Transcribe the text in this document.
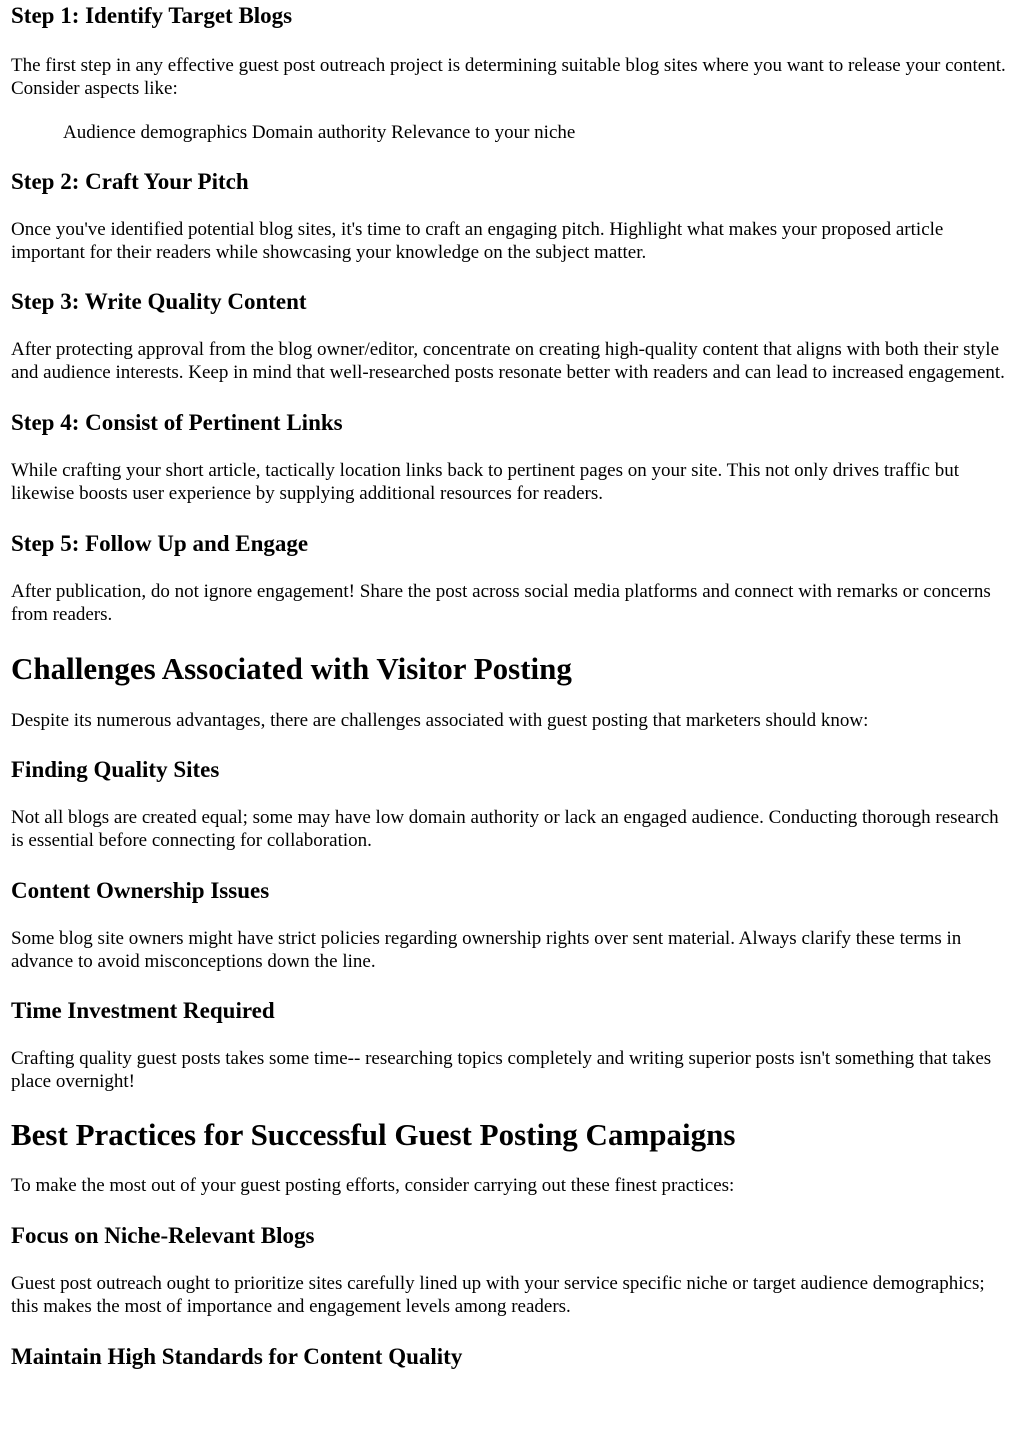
Step 1: Identify Target Blogs

The first step in any effective guest post outreach project is determining suitable blog sites where you want to release your content. Consider aspects like:

Audience demographics Domain authority Relevance to your niche

Step 2: Craft Your Pitch

Once you've identified potential blog sites, it's time to craft an engaging pitch. Highlight what makes your proposed article important for their readers while showcasing your knowledge on the subject matter.

Step 3: Write Quality Content

After protecting approval from the blog owner/editor, concentrate on creating high-quality content that aligns with both their style and audience interests. Keep in mind that well-researched posts resonate better with readers and can lead to increased engagement.

Step 4: Consist of Pertinent Links

While crafting your short article, tactically location links back to pertinent pages on your site. This not only drives traffic but likewise boosts user experience by supplying additional resources for readers.

Step 5: Follow Up and Engage

After publication, do not ignore engagement! Share the post across social media platforms and connect with remarks or concerns from readers.

Challenges Associated with Visitor Posting

Despite its numerous advantages, there are challenges associated with guest posting that marketers should know:

Finding Quality Sites

Not all blogs are created equal; some may have low domain authority or lack an engaged audience. Conducting thorough research is essential before connecting for collaboration.

Content Ownership Issues

Some blog site owners might have strict policies regarding ownership rights over sent material. Always clarify these terms in advance to avoid misconceptions down the line.

Time Investment Required

Crafting quality guest posts takes some time-- researching topics completely and writing superior posts isn't something that takes place overnight!

Best Practices for Successful Guest Posting Campaigns

To make the most out of your guest posting efforts, consider carrying out these finest practices:

Focus on Niche-Relevant Blogs

Guest post outreach ought to prioritize sites carefully lined up with your service specific niche or target audience demographics; this makes the most of importance and engagement levels among readers.

Maintain High Standards for Content Quality
